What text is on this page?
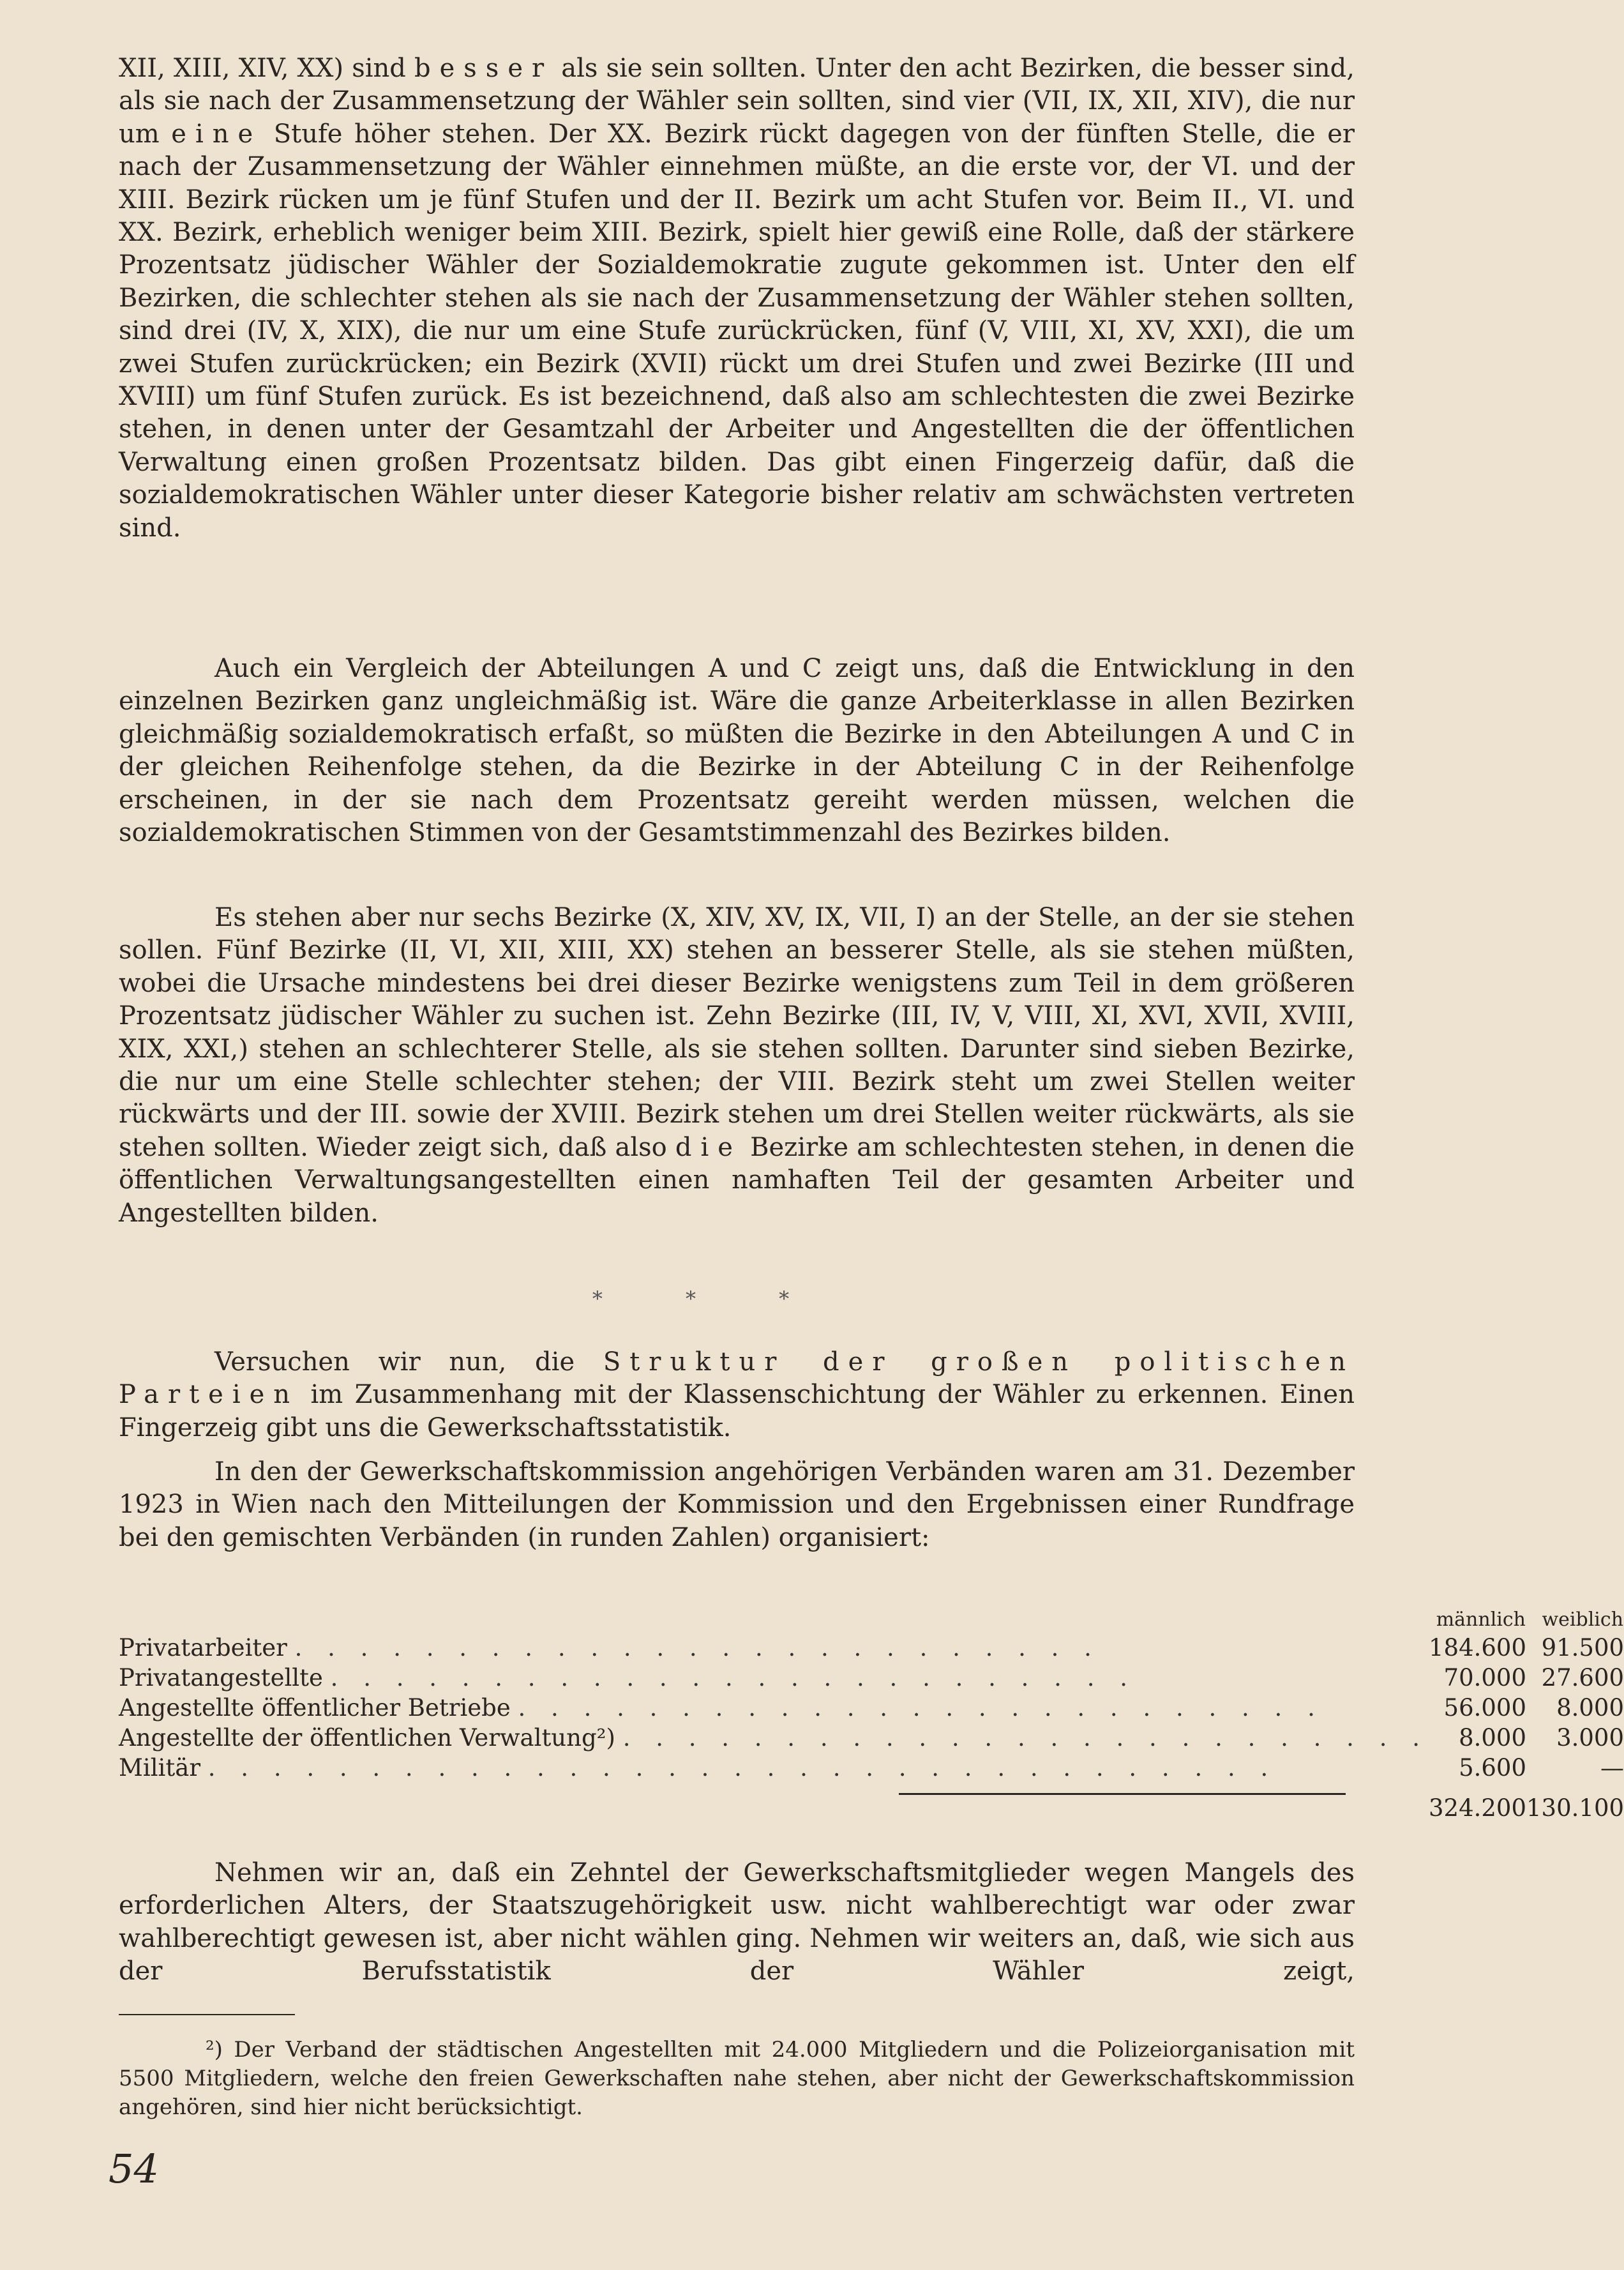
XII, XIII, XIV, XX) sind besser als sie sein sollten. Unter den acht Bezirken, die besser sind, als sie nach der Zusammensetzung der Wähler sein sollten, sind vier (VII, IX, XII, XIV), die nur um eine Stufe höher stehen. Der XX. Bezirk rückt dagegen von der fünften Stelle, die er nach der Zusammensetzung der Wähler einnehmen müßte, an die erste vor, der VI. und der XIII. Bezirk rücken um je fünf Stufen und der II. Bezirk um acht Stufen vor. Beim II., VI. und XX. Bezirk, erheblich weniger beim XIII. Bezirk, spielt hier gewiß eine Rolle, daß der stärkere Prozentsatz jüdischer Wähler der Sozialdemokratie zugute gekommen ist. Unter den elf Bezirken, die schlechter stehen als sie nach der Zusammensetzung der Wähler stehen sollten, sind drei (IV, X, XIX), die nur um eine Stufe zurückrücken, fünf (V, VIII, XI, XV, XXI), die um zwei Stufen zurückrücken; ein Bezirk (XVII) rückt um drei Stufen und zwei Bezirke (III und XVIII) um fünf Stufen zurück. Es ist bezeichnend, daß also am schlechtesten die zwei Bezirke stehen, in denen unter der Gesamtzahl der Arbeiter und Angestellten die der öffentlichen Verwaltung einen großen Prozentsatz bilden. Das gibt einen Fingerzeig dafür, daß die sozialdemokratischen Wähler unter dieser Kategorie bisher relativ am schwächsten vertreten sind.

Auch ein Vergleich der Abteilungen A und C zeigt uns, daß die Entwicklung in den einzelnen Bezirken ganz ungleichmäßig ist. Wäre die ganze Arbeiterklasse in allen Bezirken gleichmäßig sozialdemokratisch erfaßt, so müßten die Bezirke in den Abteilungen A und C in der gleichen Reihenfolge stehen, da die Bezirke in der Abteilung C in der Reihenfolge erscheinen, in der sie nach dem Prozentsatz gereiht werden müssen, welchen die sozialdemokratischen Stimmen von der Gesamtstimmenzahl des Bezirkes bilden.

Es stehen aber nur sechs Bezirke (X, XIV, XV, IX, VII, I) an der Stelle, an der sie stehen sollen. Fünf Bezirke (II, VI, XII, XIII, XX) stehen an besserer Stelle, als sie stehen müßten, wobei die Ursache mindestens bei drei dieser Bezirke wenigstens zum Teil in dem größeren Prozentsatz jüdischer Wähler zu suchen ist. Zehn Bezirke (III, IV, V, VIII, XI, XVI, XVII, XVIII, XIX, XXI,) stehen an schlechterer Stelle, als sie stehen sollten. Darunter sind sieben Bezirke, die nur um eine Stelle schlechter stehen; der VIII. Bezirk steht um zwei Stellen weiter rückwärts und der III. sowie der XVIII. Bezirk stehen um drei Stellen weiter rückwärts, als sie stehen sollten. Wieder zeigt sich, daß also die Bezirke am schlechtesten stehen, in denen die öffentlichen Verwaltungsangestellten einen namhaften Teil der gesamten Arbeiter und Angestellten bilden.

* * *

Versuchen wir nun, die Struktur der großen politischen Parteien im Zusammenhang mit der Klassenschichtung der Wähler zu erkennen. Einen Fingerzeig gibt uns die Gewerkschaftsstatistik.

In den der Gewerkschaftskommission angehörigen Verbänden waren am 31. Dezember 1923 in Wien nach den Mitteilungen der Kommission und den Ergebnissen einer Rundfrage bei den gemischten Verbänden (in runden Zahlen) organisiert:

	männlich	weiblich
Privatarbeiter . . . . . . . . . . . . . . . . . . . . . . . . .	184.600	91.500
Privatangestellte . . . . . . . . . . . . . . . . . . . . . . . . .	70.000	27.600
Angestellte öffentlicher Betriebe . . . . . . . . . . . . . . . . . . . . . . . . .	56.000	8.000
Angestellte der öffentlichen Verwaltung²) . . . . . . . . . . . . . . . . . . . . . . . . .	8.000	3.000
Militär . . . . . . . . . . . . . . . . . . . . . . . . . . . . . . . . .	5.600	—
	324.200	130.100

Nehmen wir an, daß ein Zehntel der Gewerkschaftsmitglieder wegen Mangels des erforderlichen Alters, der Staatszugehörigkeit usw. nicht wahlberechtigt war oder zwar wahlberechtigt gewesen ist, aber nicht wählen ging. Nehmen wir weiters an, daß, wie sich aus der Berufsstatistik der Wähler zeigt,

²) Der Verband der städtischen Angestellten mit 24.000 Mitgliedern und die Polizeiorganisation mit 5500 Mitgliedern, welche den freien Gewerkschaften nahe stehen, aber nicht der Gewerkschaftskommission angehören, sind hier nicht berücksichtigt.

54
